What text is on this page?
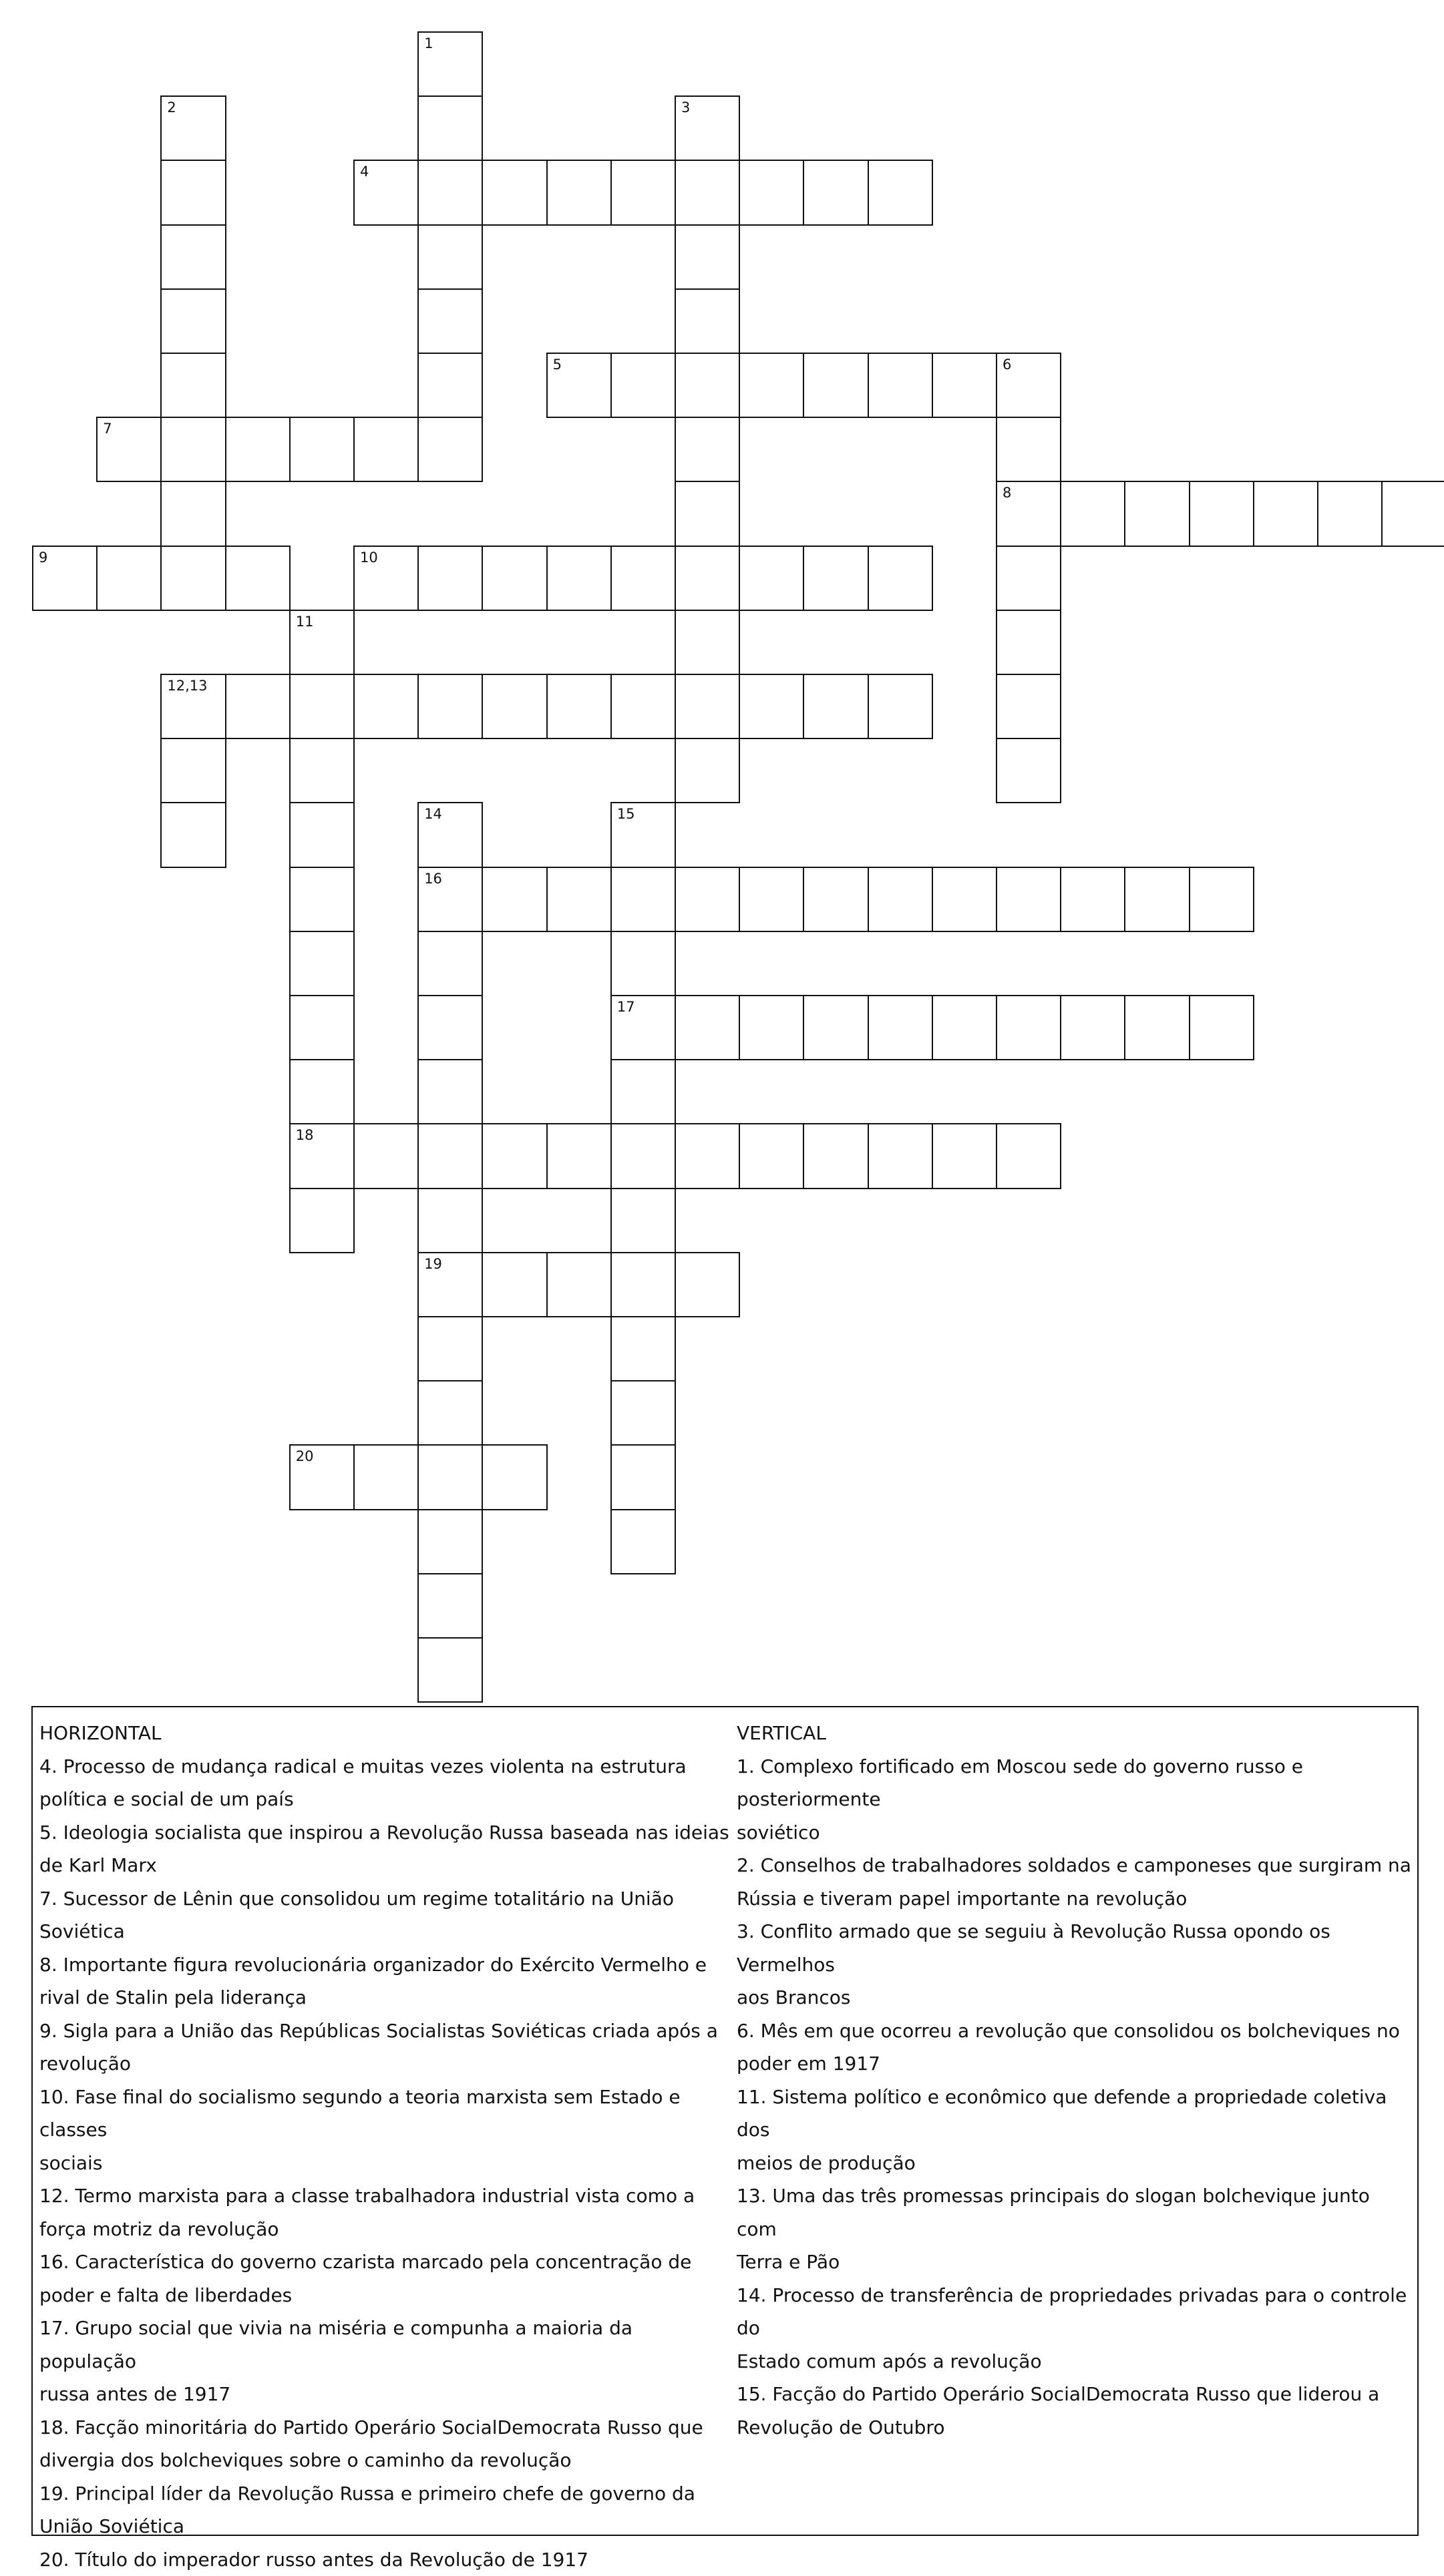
1
2	3
4
5	6
8
7
9	10
11
18
12,13
14
16
19
15
17
20
HORIZONTAL
4. Processo de mudança radical e muitas vezes violenta na estrutura
política e social de um país
5. Ideologia socialista que inspirou a Revolução Russa baseada nas ideias
de Karl Marx
7. Sucessor de Lênin que consolidou um regime totalitário na União
Soviética
8. Importante figura revolucionária organizador do Exército Vermelho e
rival de Stalin pela liderança
9. Sigla para a União das Repúblicas Socialistas Soviéticas criada após a
revolução
10. Fase final do socialismo segundo a teoria marxista sem Estado e classes
sociais
12. Termo marxista para a classe trabalhadora industrial vista como a
força motriz da revolução
16. Característica do governo czarista marcado pela concentração de
poder e falta de liberdades
17. Grupo social que vivia na miséria e compunha a maioria da população
russa antes de 1917
18. Facção minoritária do Partido Operário SocialDemocrata Russo que
divergia dos bolcheviques sobre o caminho da revolução
19. Principal líder da Revolução Russa e primeiro chefe de governo da
União Soviética
20. Título do imperador russo antes da Revolução de 1917
VERTICAL
1. Complexo fortificado em Moscou sede do governo russo e posteriormente
soviético
2. Conselhos de trabalhadores soldados e camponeses que surgiram na
Rússia e tiveram papel importante na revolução
3. Conflito armado que se seguiu à Revolução Russa opondo os Vermelhos
aos Brancos
6. Mês em que ocorreu a revolução que consolidou os bolcheviques no
poder em 1917
11. Sistema político e econômico que defende a propriedade coletiva dos
meios de produção
13. Uma das três promessas principais do slogan bolchevique junto com
Terra e Pão
14. Processo de transferência de propriedades privadas para o controle do
Estado comum após a revolução
15. Facção do Partido Operário SocialDemocrata Russo que liderou a
Revolução de Outubro
